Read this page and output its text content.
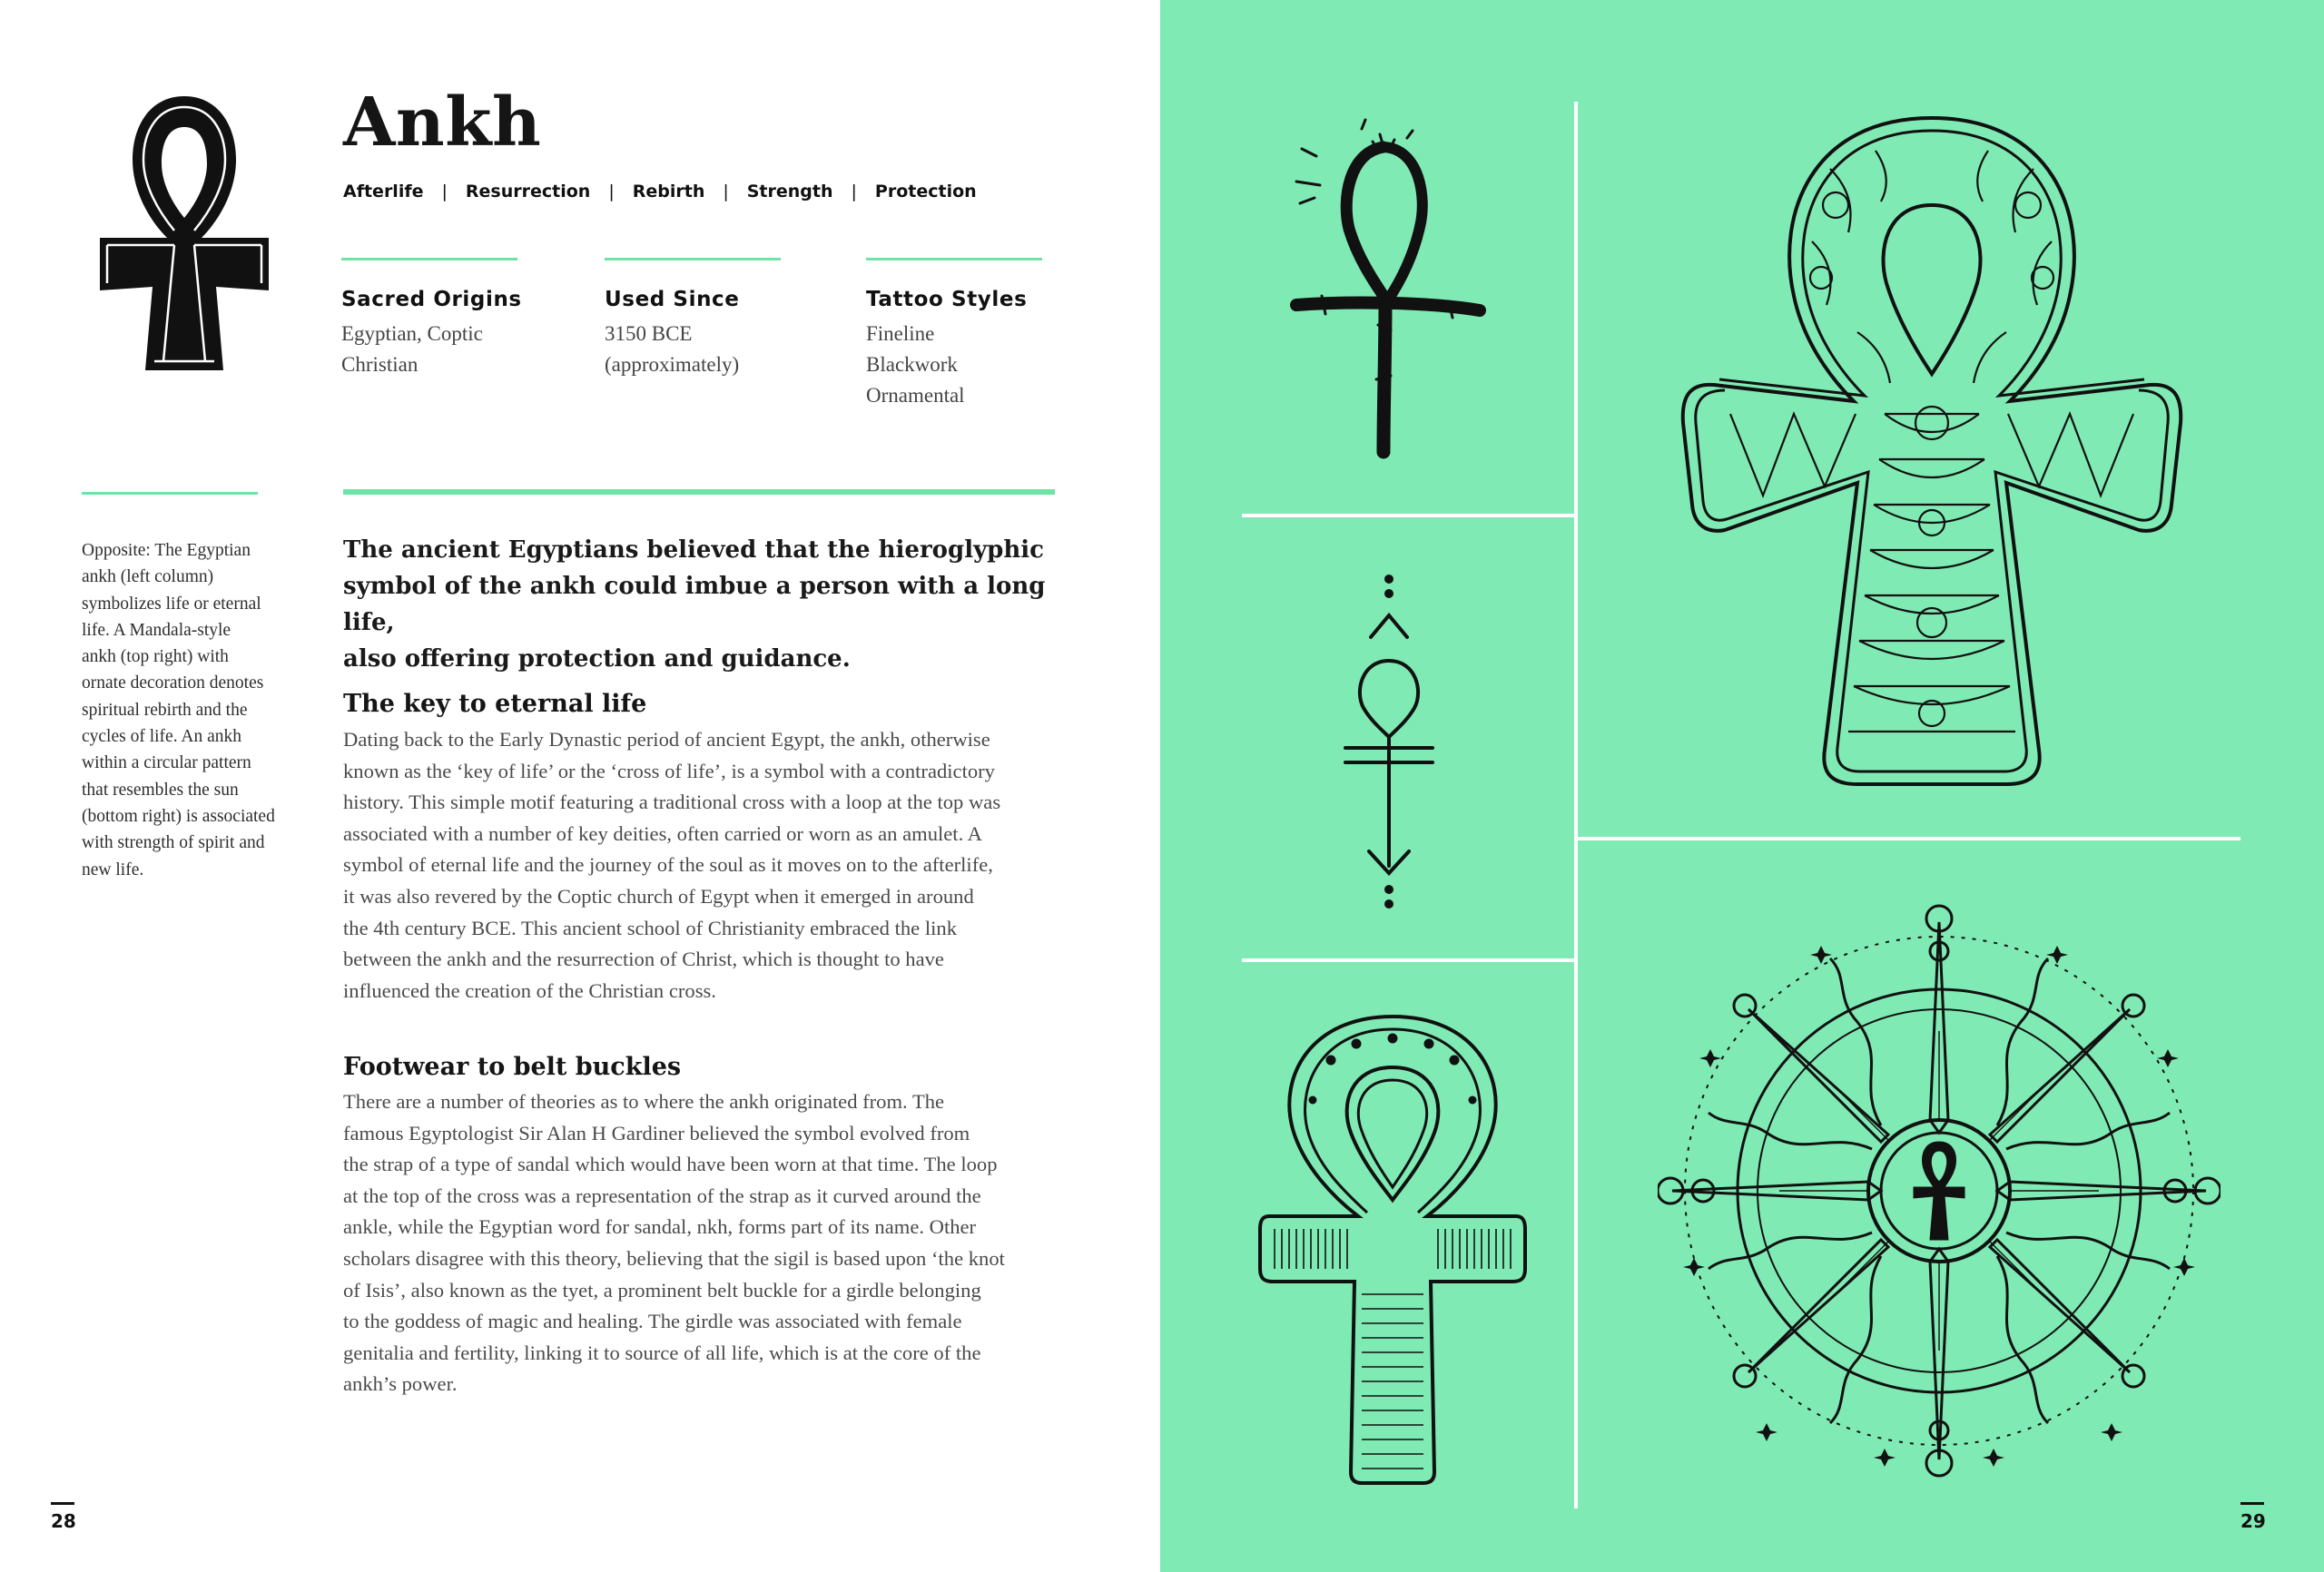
Ankh
Afterlife | Resurrection | Rebirth | Strength | Protection
Sacred Origins
Egyptian, Coptic
Christian
Used Since
3150 BCE
(approximately)
Tattoo Styles
Fineline
Blackwork
Ornamental
Opposite: The Egyptian
ankh (left column)
symbolizes life or eternal
life. A Mandala-style
ankh (top right) with
ornate decoration denotes
spiritual rebirth and the
cycles of life. An ankh
within a circular pattern
that resembles the sun
(bottom right) is associated
with strength of spirit and
new life.
The ancient Egyptians believed that the hieroglyphic
symbol of the ankh could imbue a person with a long life,
also offering protection and guidance.
The key to eternal life
Dating back to the Early Dynastic period of ancient Egypt, the ankh, otherwise
known as the ‘key of life’ or the ‘cross of life’, is a symbol with a contradictory
history. This simple motif featuring a traditional cross with a loop at the top was
associated with a number of key deities, often carried or worn as an amulet. A
symbol of eternal life and the journey of the soul as it moves on to the afterlife,
it was also revered by the Coptic church of Egypt when it emerged in around
the 4th century BCE. This ancient school of Christianity embraced the link
between the ankh and the resurrection of Christ, which is thought to have
influenced the creation of the Christian cross.
Footwear to belt buckles
There are a number of theories as to where the ankh originated from. The
famous Egyptologist Sir Alan H Gardiner believed the symbol evolved from
the strap of a type of sandal which would have been worn at that time. The loop
at the top of the cross was a representation of the strap as it curved around the
ankle, while the Egyptian word for sandal, nkh, forms part of its name. Other
scholars disagree with this theory, believing that the sigil is based upon ‘the knot
of Isis’, also known as the tyet, a prominent belt buckle for a girdle belonging
to the goddess of magic and healing. The girdle was associated with female
genitalia and fertility, linking it to source of all life, which is at the core of the
ankh’s power.
28	29
